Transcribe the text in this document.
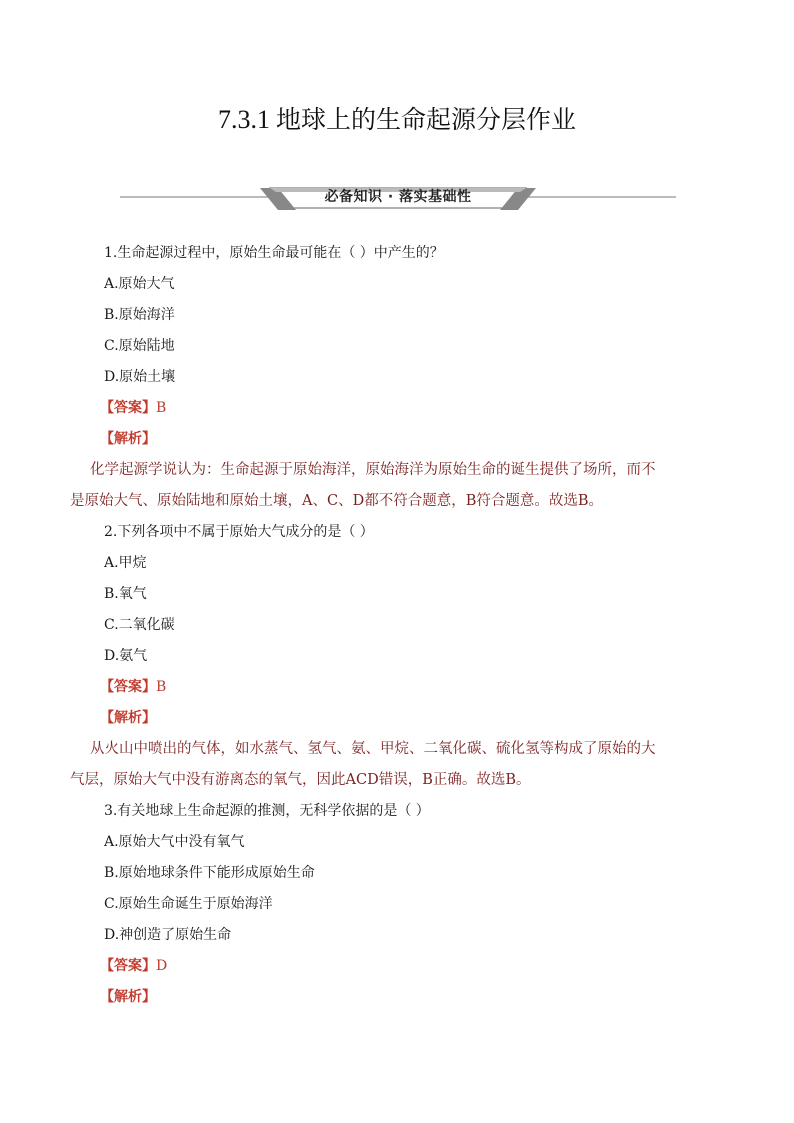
7.3.1 地球上的生命起源分层作业
必备知识 · 落实基础性
1.生命起源过程中，原始生命最可能在（ ）中产生的？
A.原始大气
B.原始海洋
C.原始陆地
D.原始土壤
【答案】B
【解析】
化学起源学说认为：生命起源于原始海洋，原始海洋为原始生命的诞生提供了场所，而不
是原始大气、原始陆地和原始土壤，A、C、D都不符合题意，B符合题意。故选B。
2.下列各项中不属于原始大气成分的是（ ）
A.甲烷
B.氧气
C.二氧化碳
D.氨气
【答案】B
【解析】
从火山中喷出的气体，如水蒸气、氢气、氨、甲烷、二氧化碳、硫化氢等构成了原始的大
气层，原始大气中没有游离态的氧气，因此ACD错误，B正确。故选B。
3.有关地球上生命起源的推测，无科学依据的是（ ）
A.原始大气中没有氧气
B.原始地球条件下能形成原始生命
C.原始生命诞生于原始海洋
D.神创造了原始生命
【答案】D
【解析】
